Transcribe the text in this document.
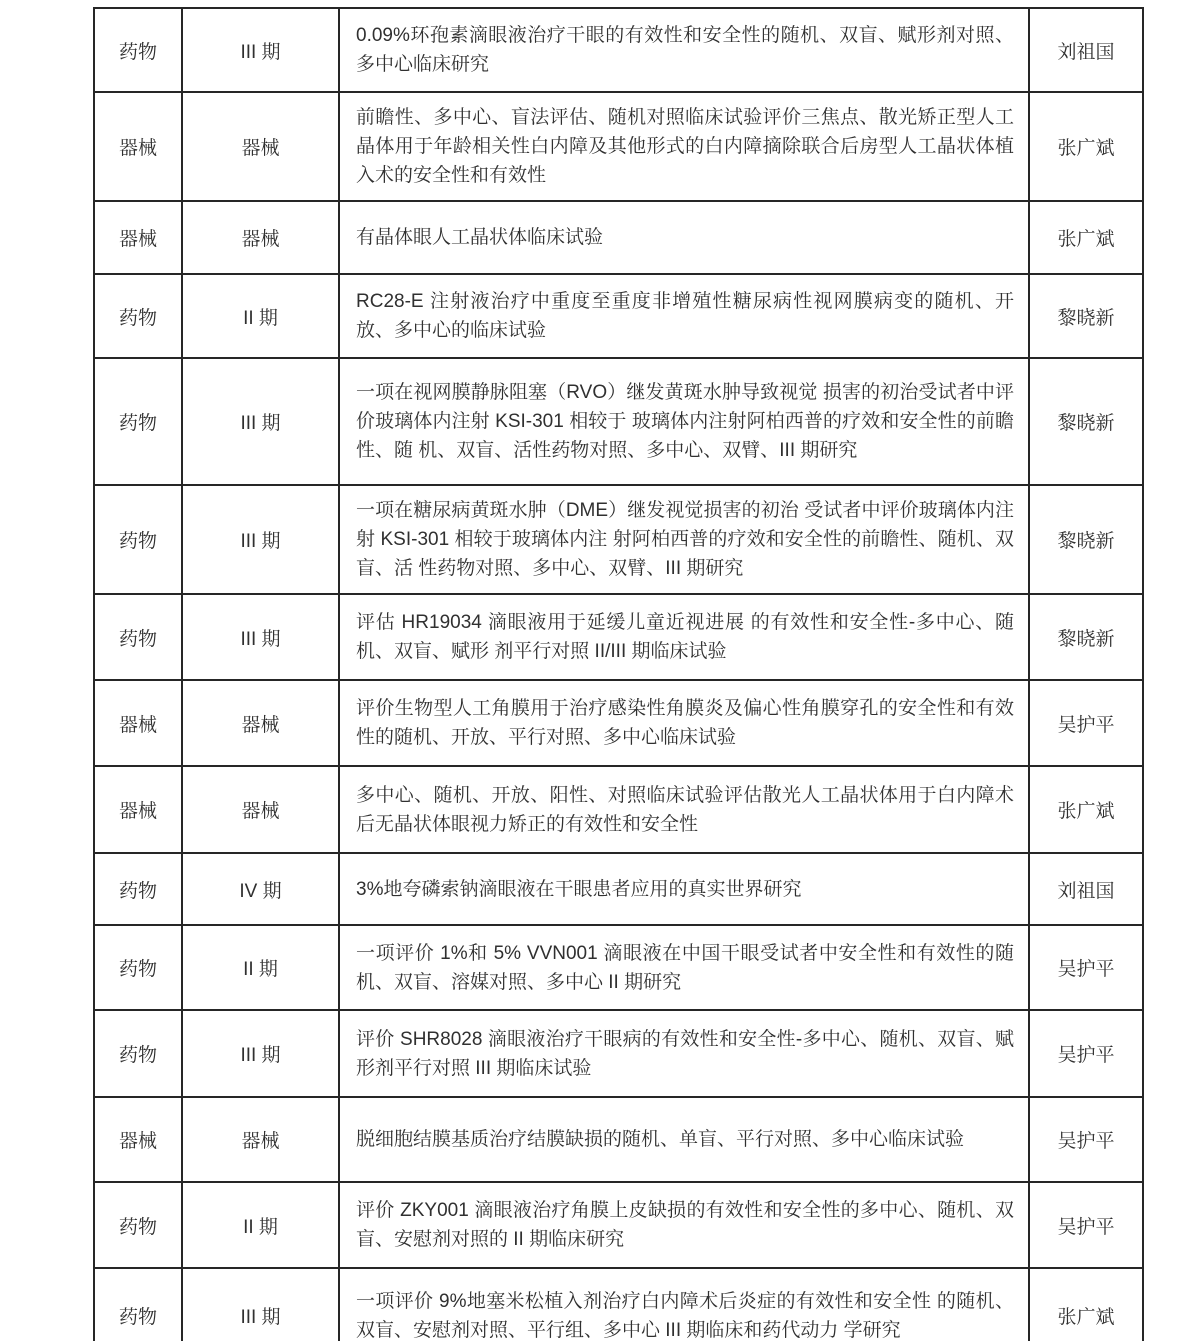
药物	III 期	0.09%环孢素滴眼液治疗干眼的有效性和安全性的随机、双盲、赋形剂对照、多中心临床研究	刘祖国
器械	器械	前瞻性、多中心、盲法评估、随机对照临床试验评价三焦点、散光矫正型人工晶体用于年龄相关性白内障及其他形式的白内障摘除联合后房型人工晶状体植入术的安全性和有效性	张广斌
器械	器械	有晶体眼人工晶状体临床试验	张广斌
药物	II 期	RC28-E 注射液治疗中重度至重度非增殖性糖尿病性视网膜病变的随机、开放、多中心的临床试验	黎晓新
药物	III 期	一项在视网膜静脉阻塞（RVO）继发黄斑水肿导致视觉 损害的初治受试者中评价玻璃体内注射 KSI-301 相较于 玻璃体内注射阿柏西普的疗效和安全性的前瞻性、随 机、双盲、活性药物对照、多中心、双臂、III 期研究	黎晓新
药物	III 期	一项在糖尿病黄斑水肿（DME）继发视觉损害的初治 受试者中评价玻璃体内注射 KSI-301 相较于玻璃体内注 射阿柏西普的疗效和安全性的前瞻性、随机、双盲、活 性药物对照、多中心、双臂、III 期研究	黎晓新
药物	III 期	评估 HR19034 滴眼液用于延缓儿童近视进展 的有效性和安全性-多中心、随机、双盲、赋形 剂平行对照 II/III 期临床试验	黎晓新
器械	器械	评价生物型人工角膜用于治疗感染性角膜炎及偏心性角膜穿孔的安全性和有效性的随机、开放、平行对照、多中心临床试验	吴护平
器械	器械	多中心、随机、开放、阳性、对照临床试验评估散光人工晶状体用于白内障术后无晶状体眼视力矫正的有效性和安全性	张广斌
药物	IV 期	3%地夸磷索钠滴眼液在干眼患者应用的真实世界研究	刘祖国
药物	II 期	一项评价 1%和 5% VVN001 滴眼液在中国干眼受试者中安全性和有效性的随机、双盲、溶媒对照、多中心 II 期研究	吴护平
药物	III 期	评价 SHR8028 滴眼液治疗干眼病的有效性和安全性-多中心、随机、双盲、赋形剂平行对照 III 期临床试验	吴护平
器械	器械	脱细胞结膜基质治疗结膜缺损的随机、单盲、平行对照、多中心临床试验	吴护平
药物	II 期	评价 ZKY001 滴眼液治疗角膜上皮缺损的有效性和安全性的多中心、随机、双盲、安慰剂对照的 II 期临床研究	吴护平
药物	III 期	一项评价 9%地塞米松植入剂治疗白内障术后炎症的有效性和安全性 的随机、双盲、安慰剂对照、平行组、多中心 III 期临床和药代动力 学研究	张广斌
